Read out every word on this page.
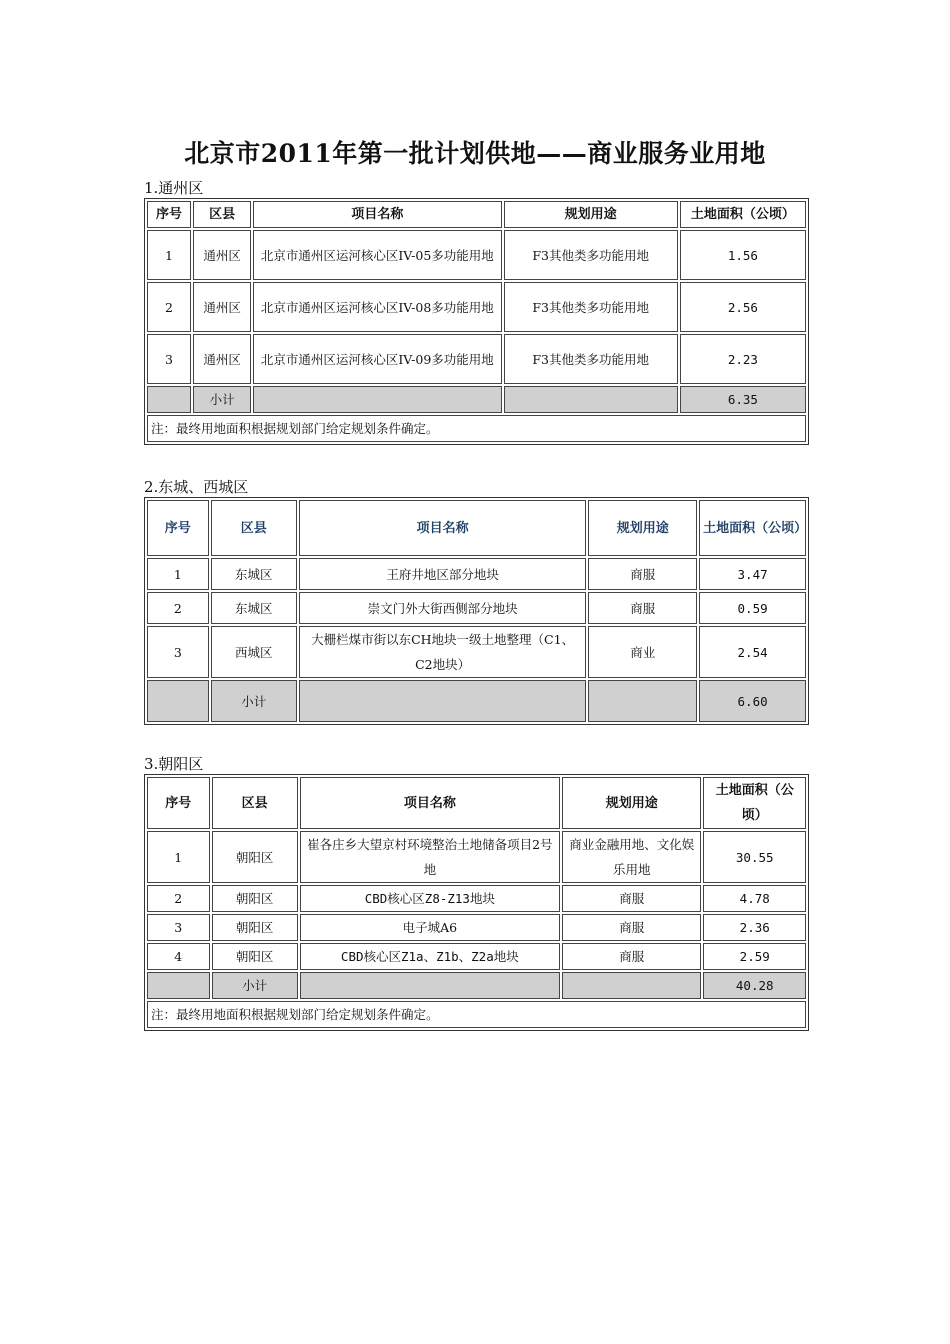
北京市2011年第一批计划供地——商业服务业用地
1.通州区
序号	区县	项目名称	规划用途	土地面积（公顷）
1	通州区	北京市通州区运河核心区IV-05多功能用地	F3其他类多功能用地	1.56
2	通州区	北京市通州区运河核心区IV-08多功能用地	F3其他类多功能用地	2.56
3	通州区	北京市通州区运河核心区IV-09多功能用地	F3其他类多功能用地	2.23
	小计			6.35
注：最终用地面积根据规划部门给定规划条件确定。				
2.东城、西城区
序号	区县	项目名称	规划用途	土地面积（公顷）
1	东城区	王府井地区部分地块	商服	3.47
2	东城区	崇文门外大街西侧部分地块	商服	0.59
3	西城区	大栅栏煤市街以东CH地块一级土地整理（C1、C2地块）	商业	2.54
	小计			6.60
3.朝阳区
序号	区县	项目名称	规划用途	土地面积（公顷）
1	朝阳区	崔各庄乡大望京村环境整治土地储备项目2号地	商业金融用地、文化娱乐用地	30.55
2	朝阳区	CBD核心区Z8-Z13地块	商服	4.78
3	朝阳区	电子城A6	商服	2.36
4	朝阳区	CBD核心区Z1a、Z1b、Z2a地块	商服	2.59
	小计			40.28
注：最终用地面积根据规划部门给定规划条件确定。				
